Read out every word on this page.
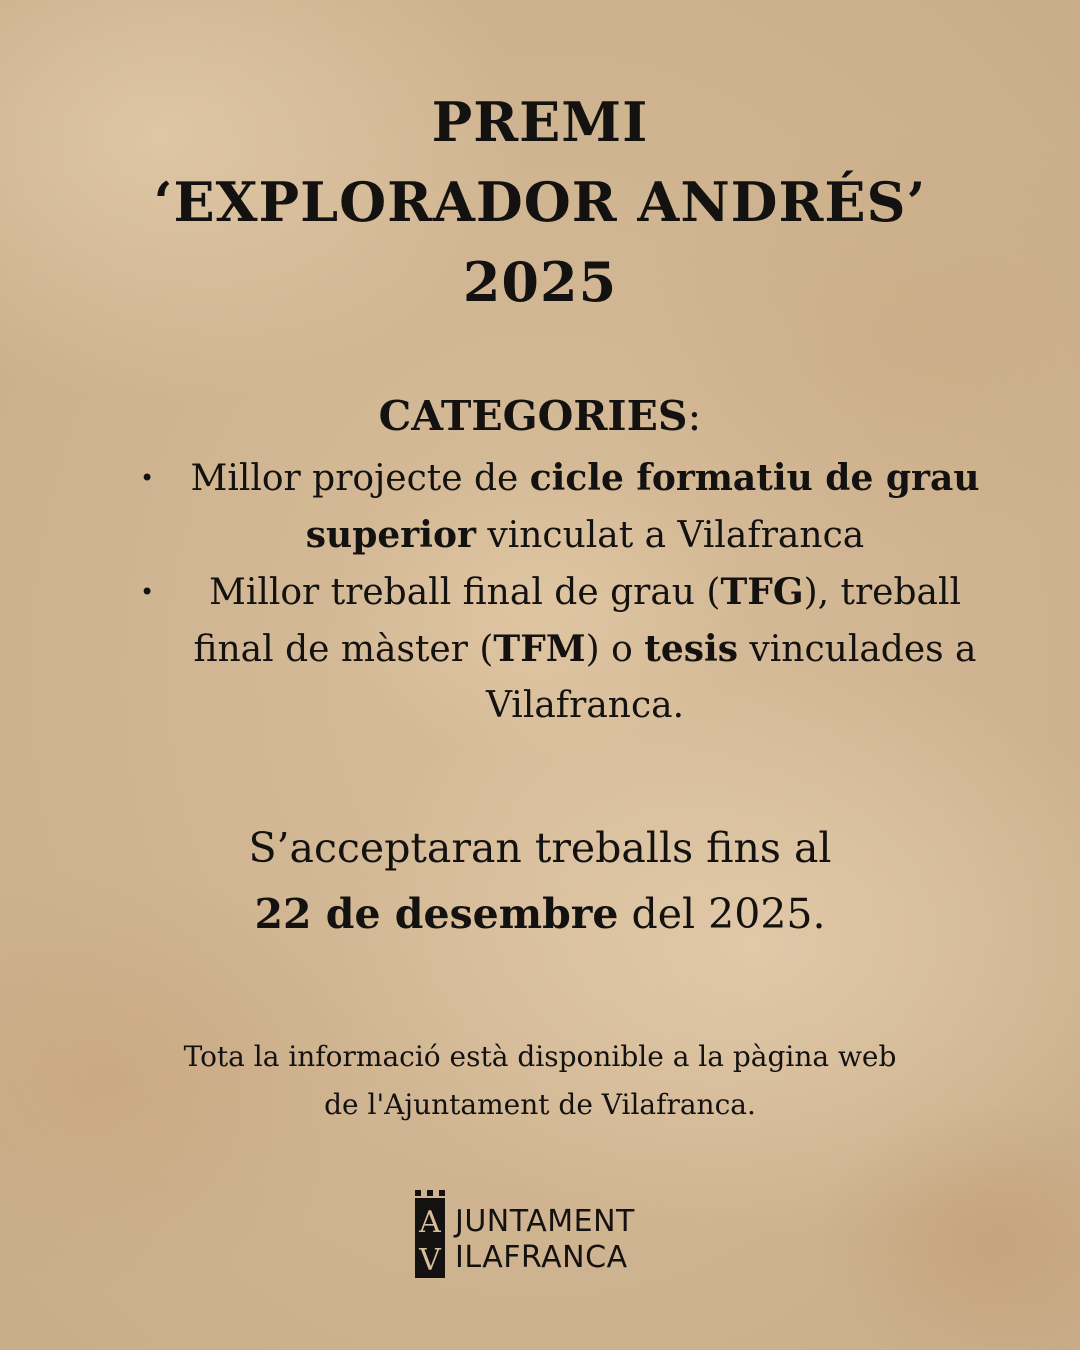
PREMI
‘EXPLORADOR ANDRÉS’
2025
CATEGORIES:
• Millor projecte de cicle formatiu de grau superior vinculat a Vilafranca
• Millor treball final de grau (TFG), treball final de màster (TFM) o tesis vinculades a Vilafranca.

S’acceptaran treballs fins al
22 de desembre del 2025.

Tota la informació està disponible a la pàgina web
de l'Ajuntament de Vilafranca.

A
V
JUNTAMENT
ILAFRANCA
